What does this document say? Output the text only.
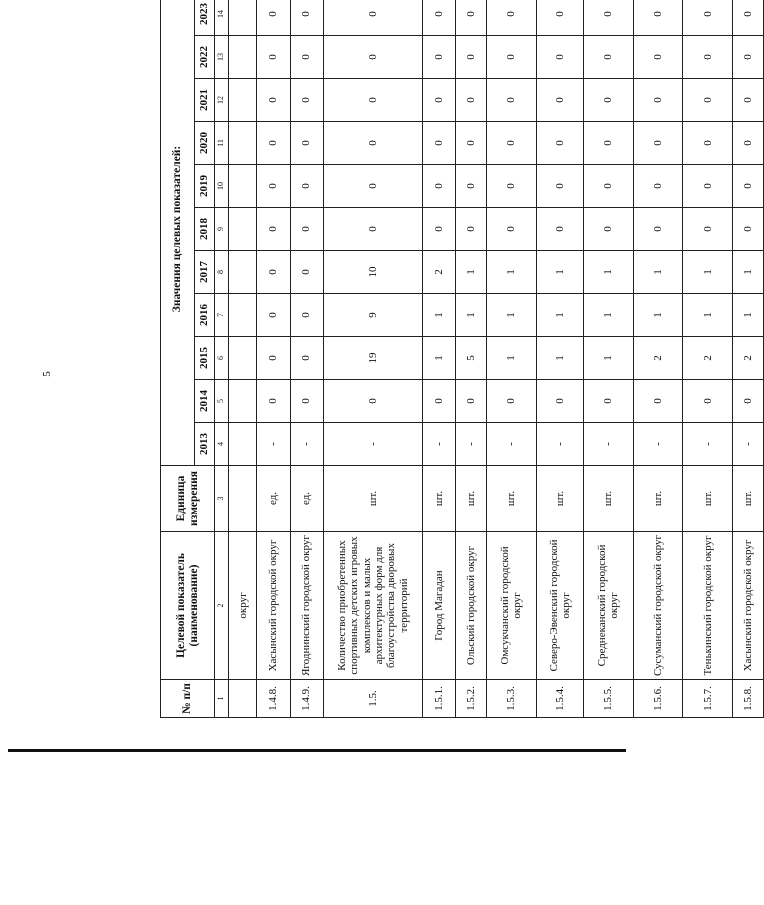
5
№ п/п	Целевой показатель (наименование)	Единица измерения	Значения целевых показателей:										
			2013	2014	2015	2016	2017	2018	2019	2020	2021	2022	2023
1	2	3	4	5	6	7	8	9	10	11	12	13	14
	округ												
1.4.8.	Хасынский городской округ	ед.	-	0	0	0	0	0	0	0	0	0	0
1.4.9.	Ягоднинский городской округ	ед.	-	0	0	0	0	0	0	0	0	0	0
1.5.	Количество приобретенных спортивных детских игровых комплексов и малых архитектурных форм для благоустройства дворовых территорий	шт.	-	0	19	9	10	0	0	0	0	0	0
1.5.1.	Город Магадан	шт.	-	0	1	1	2	0	0	0	0	0	0
1.5.2.	Ольский городской округ	шт.	-	0	5	1	1	0	0	0	0	0	0
1.5.3.	Омсукчанский городской округ	шт.	-	0	1	1	1	0	0	0	0	0	0
1.5.4.	Северо-Эвенский городской округ	шт.	-	0	1	1	1	0	0	0	0	0	0
1.5.5.	Среднеканский городской округ	шт.	-	0	1	1	1	0	0	0	0	0	0
1.5.6.	Сусуманский городской округ	шт.	-	0	2	1	1	0	0	0	0	0	0
1.5.7.	Тенькинский городской округ	шт.	-	0	2	1	1	0	0	0	0	0	0
1.5.8.	Хасынский городской округ	шт.	-	0	2	1	1	0	0	0	0	0	0
